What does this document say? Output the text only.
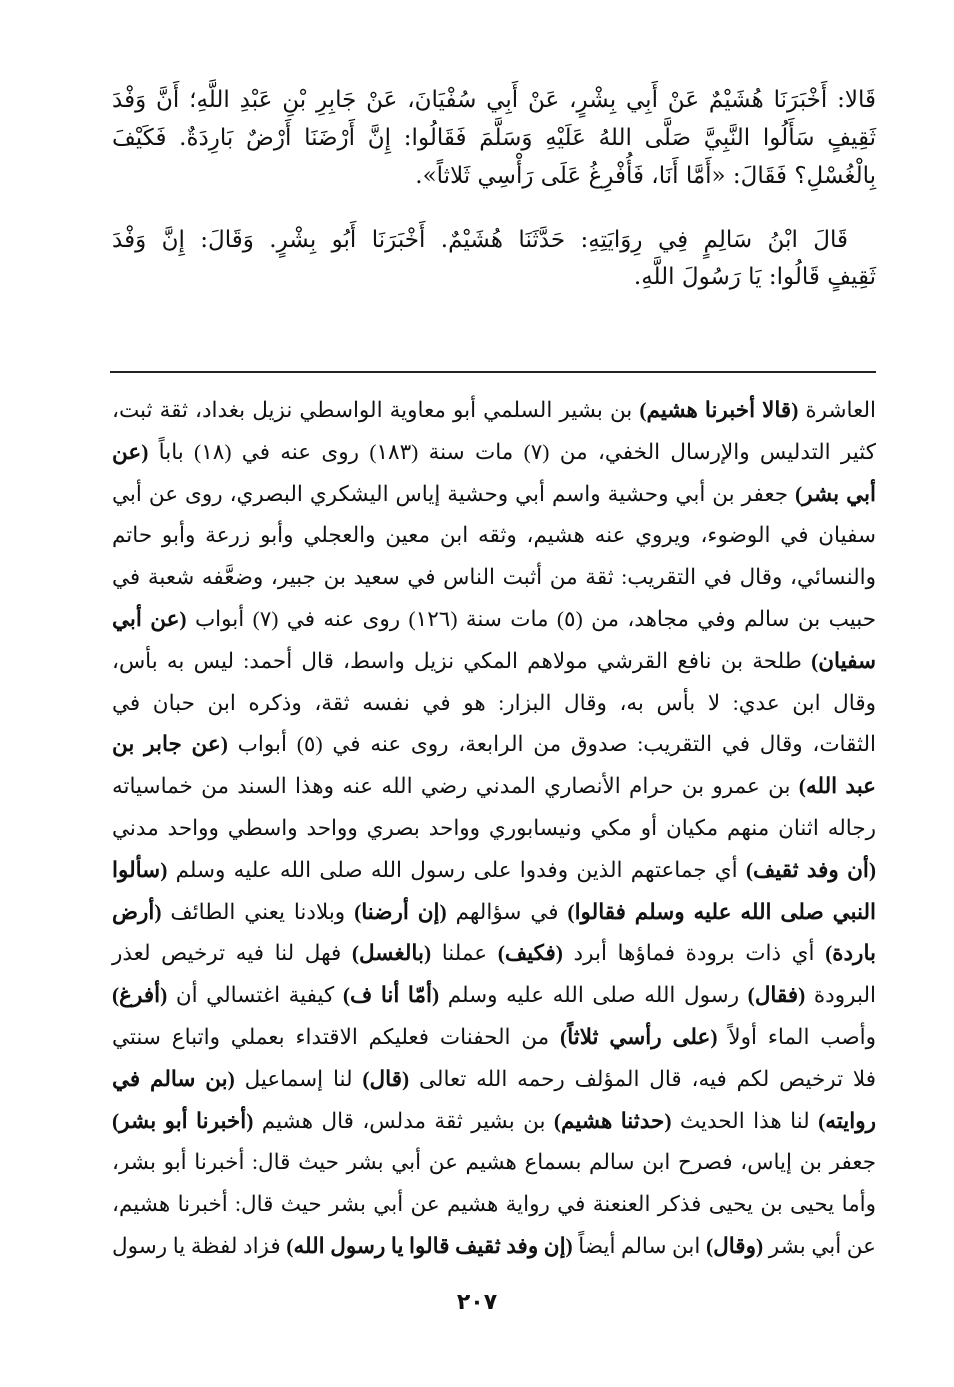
قَالا: أَخْبَرَنَا هُشَيْمٌ عَنْ أَبِي بِشْرٍ، عَنْ أَبِي سُفْيَانَ، عَنْ جَابِرِ بْنِ عَبْدِ اللَّهِ؛ أَنَّ وَفْدَ
ثَقِيفٍ سَأَلُوا النَّبِيَّ صَلَّى اللهُ عَلَيْهِ وَسَلَّمَ فَقَالُوا: إِنَّ أَرْضَنَا أَرْضٌ بَارِدَةٌ. فَكَيْفَ
بِالْغُسْلِ؟ فَقَالَ: «أَمَّا أَنَا، فَأُفْرِغُ عَلَى رَأْسِي ثَلاثاً».
قَالَ ابْنُ سَالِمٍ فِي رِوَايَتِهِ: حَدَّثَنَا هُشَيْمٌ. أَخْبَرَنَا أَبُو بِشْرٍ. وَقَالَ: إِنَّ وَفْدَ
ثَقِيفٍ قَالُوا: يَا رَسُولَ اللَّهِ.
العاشرة (قالا أخبرنا هشيم) بن بشير السلمي أبو معاوية الواسطي نزيل بغداد، ثقة ثبت،
كثير التدليس والإرسال الخفي، من (٧) مات سنة (١٨٣) روى عنه في (١٨) باباً (عن
أبي بشر) جعفر بن أبي وحشية واسم أبي وحشية إياس اليشكري البصري، روى عن أبي
سفيان في الوضوء، ويروي عنه هشيم، وثقه ابن معين والعجلي وأبو زرعة وأبو حاتم
والنسائي، وقال في التقريب: ثقة من أثبت الناس في سعيد بن جبير، وضعَّفه شعبة في
حبيب بن سالم وفي مجاهد، من (٥) مات سنة (١٢٦) روى عنه في (٧) أبواب (عن أبي
سفيان) طلحة بن نافع القرشي مولاهم المكي نزيل واسط، قال أحمد: ليس به بأس،
وقال ابن عدي: لا بأس به، وقال البزار: هو في نفسه ثقة، وذكره ابن حبان في
الثقات، وقال في التقريب: صدوق من الرابعة، روى عنه في (٥) أبواب (عن جابر بن
عبد الله) بن عمرو بن حرام الأنصاري المدني رضي الله عنه وهذا السند من خماسياته
رجاله اثنان منهم مكيان أو مكي ونيسابوري وواحد بصري وواحد واسطي وواحد مدني
(أن وفد ثقيف) أي جماعتهم الذين وفدوا على رسول الله صلى الله عليه وسلم (سألوا
النبي صلى الله عليه وسلم فقالوا) في سؤالهم (إن أرضنا) وبلادنا يعني الطائف (أرض
باردة) أي ذات برودة فماؤها أبرد (فكيف) عملنا (بالغسل) فهل لنا فيه ترخيص لعذر
البرودة (فقال) رسول الله صلى الله عليه وسلم (أمّا أنا ف) كيفية اغتسالي أن (أفرغ)
وأصب الماء أولاً (على رأسي ثلاثاً) من الحفنات فعليكم الاقتداء بعملي واتباع سنتي
فلا ترخيص لكم فيه، قال المؤلف رحمه الله تعالى (قال) لنا إسماعيل (بن سالم في
روايته) لنا هذا الحديث (حدثنا هشيم) بن بشير ثقة مدلس، قال هشيم (أخبرنا أبو بشر)
جعفر بن إياس، فصرح ابن سالم بسماع هشيم عن أبي بشر حيث قال: أخبرنا أبو بشر،
وأما يحيى بن يحيى فذكر العنعنة في رواية هشيم عن أبي بشر حيث قال: أخبرنا هشيم،
عن أبي بشر (وقال) ابن سالم أيضاً (إن وفد ثقيف قالوا يا رسول الله) فزاد لفظة يا رسول
٢٠٧
